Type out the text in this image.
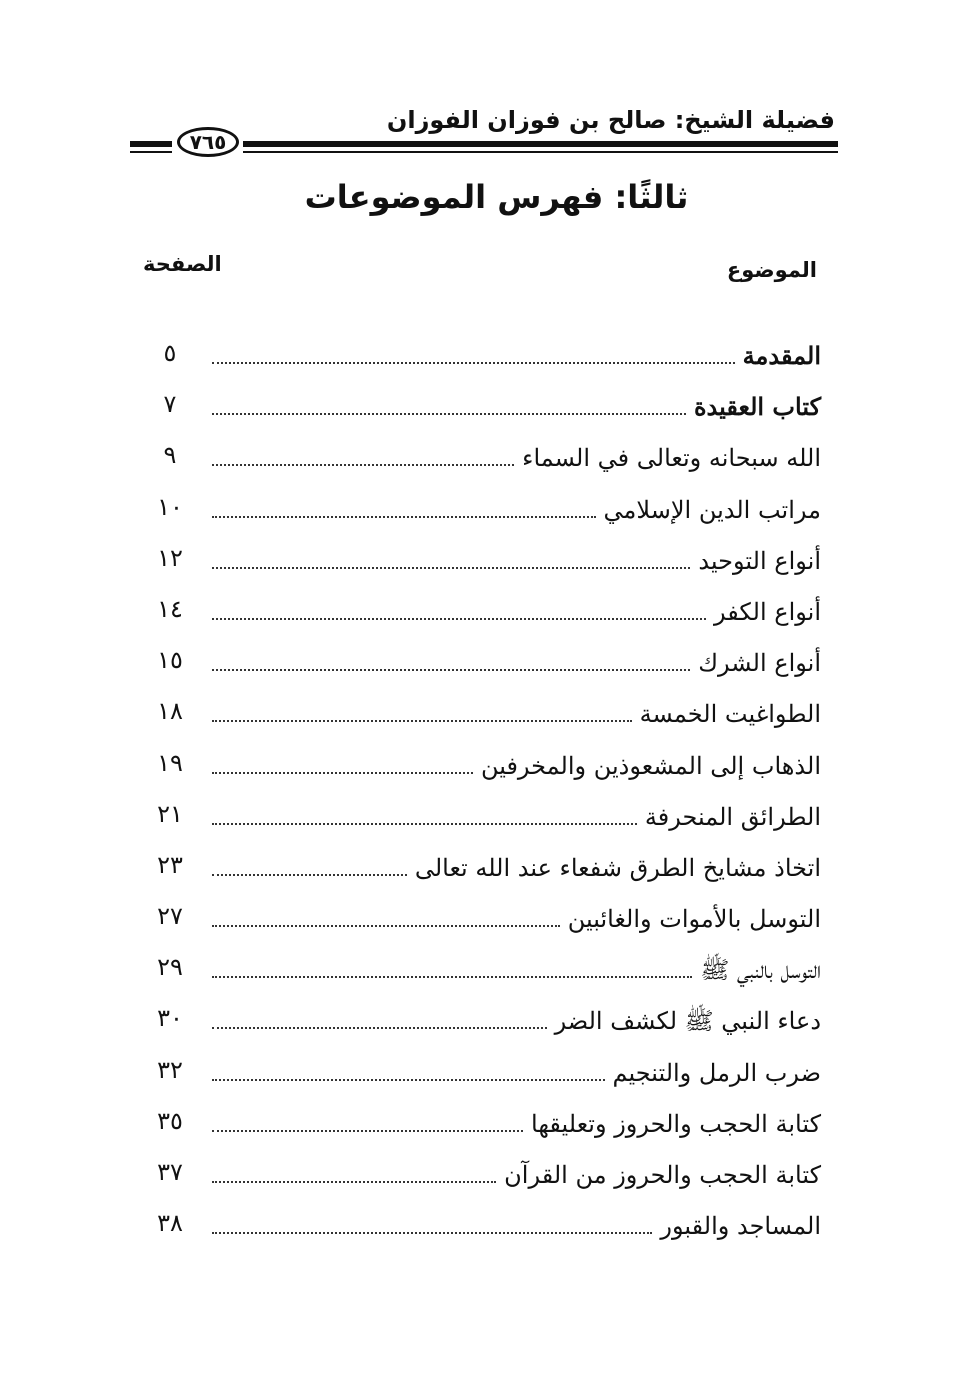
فضيلة الشيخ: صالح بن فوزان الفوزان
٧٦٥
ثالثًا: فهرس الموضوعات
الموضوع
الصفحة
المقدمة
٥
كتاب العقيدة
٧
الله سبحانه وتعالى في السماء
٩
مراتب الدين الإسلامي
١٠
أنواع التوحيد
١٢
أنواع الكفر
١٤
أنواع الشرك
١٥
الطواغيت الخمسة
١٨
الذهاب إلى المشعوذين والمخرفين
١٩
الطرائق المنحرفة
٢١
اتخاذ مشايخ الطرق شفعاء عند الله تعالى
٢٣
التوسل بالأموات والغائبين
٢٧
التوسل بالنبي ﷺ
٢٩
دعاء النبي ﷺ لكشف الضر
٣٠
ضرب الرمل والتنجيم
٣٢
كتابة الحجب والحروز وتعليقها
٣٥
كتابة الحجب والحروز من القرآن
٣٧
المساجد والقبور
٣٨
